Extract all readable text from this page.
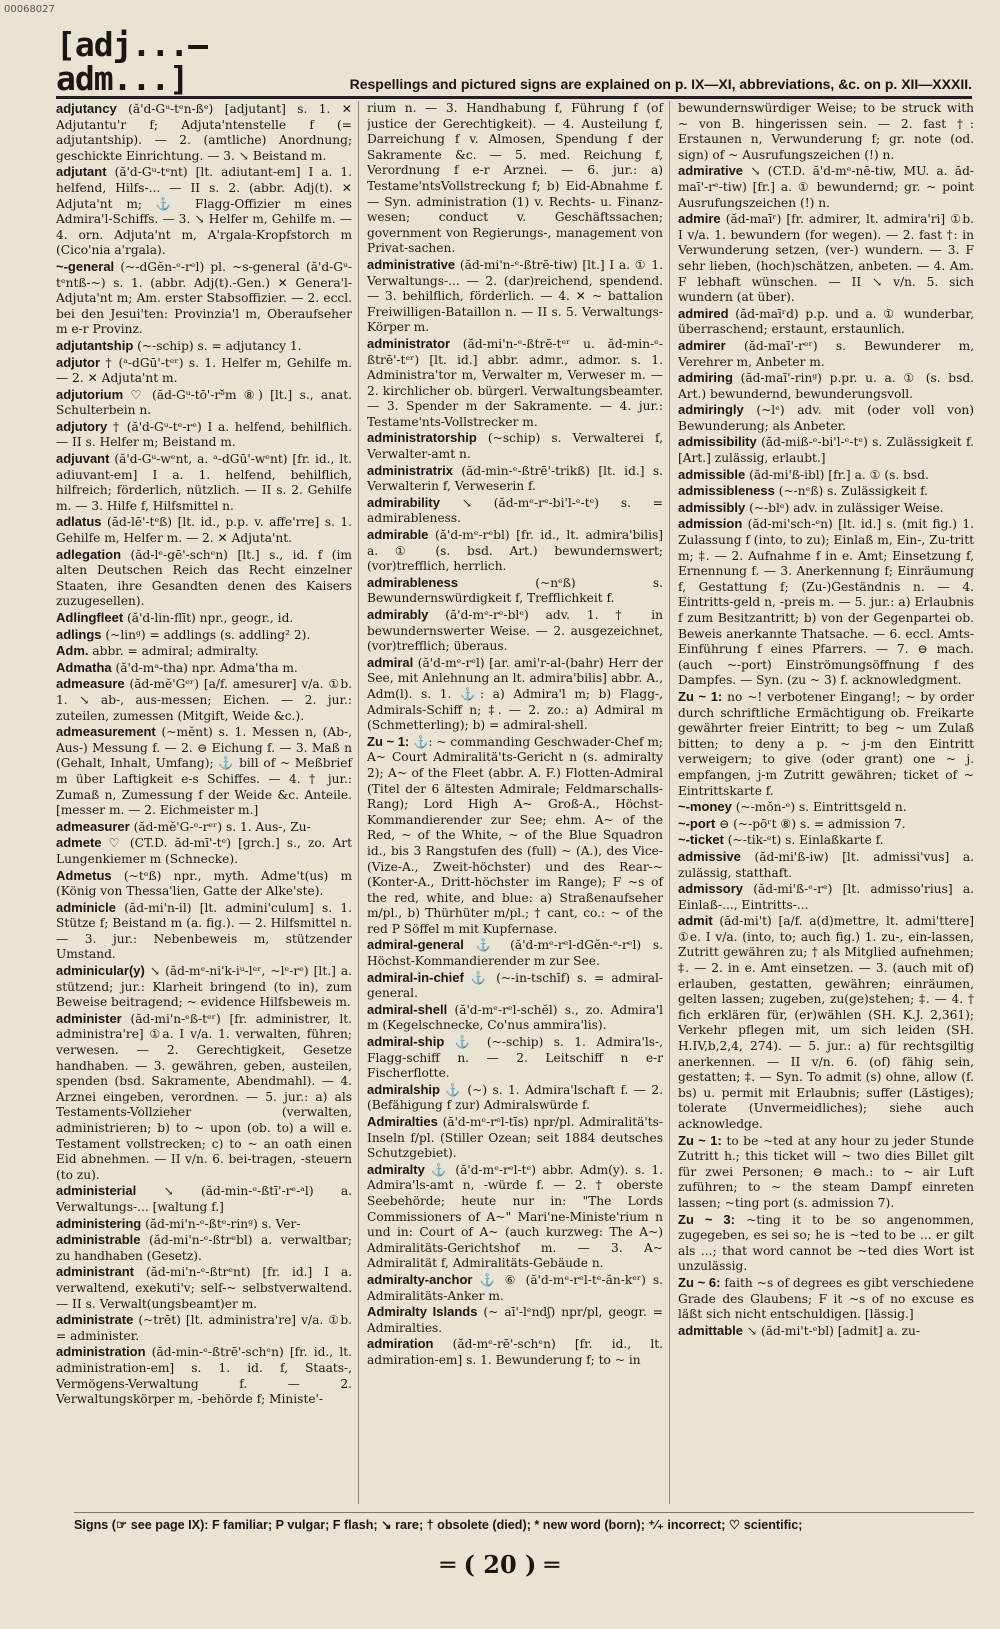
00068027
[adj...—adm...]	Respellings and pictured signs are explained on p. IX—XI, abbreviations, &c. on p. XII—XXXII.

adjutancy (ă'd-Gᵘ-tᵉn-ßᵉ) [adjutant] s. 1. ✕ Adjutantu'r f; Adjuta'ntenstelle f (= adjutantship). — 2. (amtliche) Anordnung; geschickte Einrichtung. — 3. ↘ Beistand m.

adjutant (ă'd-Gᵘ-tᵉnt) [lt. adiutant-em] I a. 1. helfend, Hilfs-... — II s. 2. (abbr. Adj(t). ✕ Adjuta'nt m; ⚓ Flagg-Offizier m eines Admira'l-Schiffs. — 3. ↘ Helfer m, Gehilfe m. — 4. orn. Adjuta'nt m, A'rgala-Kropfstorch m (Cico'nia a'rgala).

~-general (~-dGĕn-ᵉ-rᵉl) pl. ~s-general (ă'd-Gᵘ-tᵉntß-~) s. 1. (abbr. Adj(t).-Gen.) ✕ Genera'l-Adjuta'nt m; Am. erster Stabsoffizier. — 2. eccl. bei den Jesui'ten: Provinzia'l m, Oberaufseher m e-r Provinz.

adjutantship (~-schip) s. = adjutancy 1.

adjutor † (ᵃ-dGū'-tᵉʳ) s. 1. Helfer m, Gehilfe m. — 2. ✕ Adjuta'nt m.

adjutorium ♡ (ăd-Gᵘ-tō'-rᵊ̆m ⑧) [lt.] s., anat. Schulterbein n.

adjutory † (ă'd-Gᵘ-tᵉ-rᵉ) I a. helfend, behilflich. — II s. Helfer m; Beistand m.

adjuvant (ă'd-Gᵘ-wᵉnt, a. ᵃ-dGū'-wᵉnt) [fr. id., lt. adiuvant-em] I a. 1. helfend, behilflich, hilfreich; förderlich, nützlich. — II s. 2. Gehilfe m. — 3. Hilfe f, Hilfsmittel n.

adlatus (ăd-lē'-tᵉß) [lt. id., p.p. v. affe'rre] s. 1. Gehilfe m, Helfer m. — 2. ✕ Adjuta'nt.

adlegation (ăd-lᵉ-gē'-schᵉn) [lt.] s., id. f (im alten Deutschen Reich das Recht einzelner Staaten, ihre Gesandten denen des Kaisers zuzugesellen).

Adlingfleet (ă'd-lin-flīt) npr., geogr., id.

adlings (~linᵍ) = addlings (s. addling² 2).

Adm. abbr. = admiral; admiralty.

Admatha (ă'd-mᵃ-tha) npr. Adma'tha m.

admeasure (ăd-mĕ'Gᵉʳ) [a/f. amesurer] v/a. ①b. 1. ↘ ab-, aus-messen; Eichen. — 2. jur.: zuteilen, zumessen (Mitgift, Weide &c.).

admeasurement (~mĕnt) s. 1. Messen n, (Ab-, Aus-) Messung f. — 2. ⊖ Eichung f. — 3. Maß n (Gehalt, Inhalt, Umfang); ⚓ bill of ~ Meßbrief m über Laftigkeit e-s Schiffes. — 4. † jur.: Zumaß n, Zumessung f der Weide &c. Anteile. [messer m. — 2. Eichmeister m.]

admeasurer (ăd-mĕ'G-ᵉ-rᵉʳ) s. 1. Aus-, Zu-

admete ♡ (CT.D. ăd-mī'-tᵉ) [grch.] s., zo. Art Lungenkiemer m (Schnecke).

Admetus (~tᵉß) npr., myth. Adme't(us) m (König von Thessa'lien, Gatte der Alke'ste).

adminicle (ăd-mi'n-il) [lt. admini'culum] s. 1. Stütze f; Beistand m (a. fig.). — 2. Hilfsmittel n. — 3. jur.: Nebenbeweis m, stützender Umstand.

adminicular(y) ↘ (ăd-mᵉ-ni'k-iᵘ-lᵉʳ, ~lᵉ-rᵉ) [lt.] a. stützend; jur.: Klarheit bringend (to in), zum Beweise beitragend; ~ evidence Hilfsbeweis m.

administer (ăd-mi'n-ᵉß-tᵉʳ) [fr. administrer, lt. administra're] ①a. I v/a. 1. verwalten, führen; verwesen. — 2. Gerechtigkeit, Gesetze handhaben. — 3. gewähren, geben, austeilen, spenden (bsd. Sakramente, Abendmahl). — 4. Arznei eingeben, verordnen. — 5. jur.: a) als Testaments-Vollzieher (verwalten, administrieren; b) to ~ upon (ob. to) a will e. Testament vollstrecken; c) to ~ an oath einen Eid abnehmen. — II v/n. 6. bei-tragen, -steuern (to zu).

administerial ↘ (ăd-min-ᵉ-ßtī'-rᵉ-ᵃl) a. Verwaltungs-... [waltung f.]

administering (ăd-mi'n-ᵉ-ßtᵉ-rinᵍ) s. Ver-

administrable (ăd-mi'n-ᵉ-ßtrᵉbl) a. verwaltbar; zu handhaben (Gesetz).

administrant (ăd-mi'n-ᵉ-ßtrᵉnt) [fr. id.] I a. verwaltend, exekuti'v; self-~ selbstverwaltend. — II s. Verwalt(ungsbeamt)er m.

administrate (~trēt) [lt. administra're] v/a. ①b. = administer.

administration (ăd-min-ᵉ-ßtrē'-schᵉn) [fr. id., lt. administration-em] s. 1. id. f, Staats-, Vermögens-Verwaltung f. — 2. Verwaltungskörper m, -behörde f; Ministe'-

rium n. — 3. Handhabung f, Führung f (of justice der Gerechtigkeit). — 4. Austeilung f, Darreichung f v. Almosen, Spendung f der Sakramente &c. — 5. med. Reichung f, Verordnung f e-r Arznei. — 6. jur.: a) Testame'ntsVollstreckung f; b) Eid-Abnahme f. — Syn. administration (1) v. Rechts- u. Finanz-wesen; conduct v. Geschäftssachen; government von Regierungs-, management von Privat-sachen.

administrative (ăd-mi'n-ᵉ-ßtrē-tiw) [lt.] I a. ① 1. Verwaltungs-... — 2. (dar)reichend, spendend. — 3. behilflich, förderlich. — 4. ✕ ~ battalion Freiwilligen-Bataillon n. — II s. 5. Verwaltungs-Körper m.

administrator (ăd-mi'n-ᵉ-ßtrē-tᵉʳ u. ăd-min-ᵉ-ßtrē'-tᵉʳ) [lt. id.] abbr. admr., admor. s. 1. Administra'tor m, Verwalter m, Verweser m. — 2. kirchlicher ob. bürgerl. Verwaltungsbeamter. — 3. Spender m der Sakramente. — 4. jur.: Testame'nts-Vollstrecker m.

administratorship (~schip) s. Verwalterei f, Verwalter-amt n.

administratrix (ăd-min-ᵉ-ßtrē'-trikß) [lt. id.] s. Verwalterin f, Verweserin f.

admirability ↘ (ăd-mᵉ-rᵉ-bi'l-ᵉ-tᵉ) s. = admirableness.

admirable (ă'd-mᵉ-rᵉbl) [fr. id., lt. admira'bilis] a. ① (s. bsd. Art.) bewundernswert; (vor)trefflich, herrlich.

admirableness	(~nᵉß) s. Bewundernswürdigkeit f, Trefflichkeit f.

admirably (ă'd-mᵉ-rᵉ-blᵉ) adv. 1. † in bewundernswerter Weise. — 2. ausgezeichnet, (vor)trefflich; überaus.

admiral (ă'd-mᵉ-rᵉl) [ar. ami'r-al-(bahr) Herr der See, mit Anlehnung an lt. admira'bilis] abbr. A., Adm(l). s. 1. ⚓: a) Admira'l m; b) Flagg-, Admirals-Schiff n; ‡. — 2. zo.: a) Admiral m (Schmetterling); b) = admiral-shell.

Zu ~ 1: ⚓: ~ commanding Geschwader-Chef m; A~ Court Admiralitä'ts-Gericht n (s. admiralty 2); A~ of the Fleet (abbr. A. F.) Flotten-Admiral (Titel der 6 ältesten Admirale; Feldmarschalls-Rang); Lord High A~ Groß-A., Höchst-Kommandierender zur See; ehm. A~ of the Red, ~ of the White, ~ of the Blue Squadron id., bis 3 Rangstufen des (full) ~ (A.), des Vice-(Vize-A., Zweit-höchster) und des Rear-~ (Konter-A., Dritt-höchster im Range); F ~s of the red, white, and blue: a) Straßenaufseher m/pl., b) Thürhüter m/pl.; † cant, co.: ~ of the red P Söffel m mit Kupfernase.

admiral-general ⚓ (ă'd-mᵉ-rᵉl-dGĕn-ᵉ-rᵉl) s. Höchst-Kommandierender m zur See.

admiral-in-chief ⚓ (~-in-tschīf) s. = admiral-general.

admiral-shell (ă'd-mᵉ-rᵉl-schĕl) s., zo. Admira'l m (Kegelschnecke, Co'nus ammira'lis).

admiral-ship ⚓ (~-schip) s. 1. Admira'ls-, Flagg-schiff n. — 2. Leitschiff n e-r Fischerflotte.

admiralship ⚓ (~) s. 1. Admira'lschaft f. — 2. (Befähigung f zur) Admiralswürde f.

Admiralties (ă'd-mᵉ-rᵉl-tīs) npr/pl. Admiralitä'ts-Inseln f/pl. (Stiller Ozean; seit 1884 deutsches Schutzgebiet).

admiralty ⚓ (ă'd-mᵉ-rᵉl-tᵉ) abbr. Adm(y). s. 1. Admira'ls-amt n, -würde f. — 2. † oberste Seebehörde; heute nur in: "The Lords Commissioners of A~" Mari'ne-Ministe'rium n und in: Court of A~ (auch kurzweg: The A~) Admiralitäts-Gerichtshof m. — 3. A~ Admiralität f, Admiralitäts-Gebäude n.

admiralty-anchor ⚓ ⑥ (ă'd-mᵉ-rᵉl-tᵉ-ăn-kᵉʳ) s. Admiralitäts-Anker m.

Admiralty Islands (~ aī'-lᵉndʃ) npr/pl, geogr. = Admiralties.

admiration (ăd-mᵉ-rē'-schᵉn) [fr. id., lt. admiration-em] s. 1. Bewunderung f; to ~ in

bewundernswürdiger Weise; to be struck with ~ von B. hingerissen sein. — 2. fast †: Erstaunen n, Verwunderung f; gr. note (od. sign) of ~ Ausrufungszeichen (!) n.

admirative ↘ (CT.D. ă'd-mᵉ-nē-tiw, MU. a. ăd-maī'-rᵉ-tiw) [fr.] a. ① bewundernd; gr. ~ point Ausrufungszeichen (!) n.

admire (ăd-maīʳ) [fr. admirer, lt. admira'ri] ①b. I v/a. 1. bewundern (for wegen). — 2. fast †: in Verwunderung setzen, (ver-) wundern. — 3. F sehr lieben, (hoch)schätzen, anbeten. — 4. Am. F lebhaft wünschen. — II ↘ v/n. 5. sich wundern (at über).

admired (ăd-maīʳd) p.p. und a. ① wunderbar, überraschend; erstaunt, erstaunlich.

admirer (ăd-maī'-rᵉʳ) s. Bewunderer m, Verehrer m, Anbeter m.

admiring (ăd-maī'-rinᵍ) p.pr. u. a. ① (s. bsd. Art.) bewundernd, bewunderungsvoll.

admiringly (~lᵉ) adv. mit (oder voll von) Bewunderung; als Anbeter.

admissibility (ăd-miß-ᵉ-bi'l-ᵉ-tᵉ) s. Zulässigkeit f. [Art.] zulässig, erlaubt.]

admissible (ăd-mi'ß-ibl) [fr.] a. ① (s. bsd.

admissibleness (~-nᵉß) s. Zulässigkeit f.

admissibly (~-blᵉ) adv. in zulässiger Weise.

admission (ăd-mi'sch-ᵉn) [lt. id.] s. (mit fig.) 1. Zulassung f (into, to zu); Einlaß m, Ein-, Zu-tritt m; ‡. — 2. Aufnahme f in e. Amt; Einsetzung f, Ernennung f. — 3. Anerkennung f; Einräumung f, Gestattung f; (Zu-)Geständnis n. — 4. Eintritts-geld n, -preis m. — 5. jur.: a) Erlaubnis f zum Besitzantritt; b) von der Gegenpartei ob. Beweis anerkannte Thatsache. — 6. eccl. Amts-Einführung f eines Pfarrers. — 7. ⊖ mach. (auch ~-port) Einströmungsöffnung f des Dampfes. — Syn. (zu ~ 3) f. acknowledgment.

Zu ~ 1: no ~! verbotener Eingang!; ~ by order durch schriftliche Ermächtigung ob. Freikarte gewährter freier Eintritt; to beg ~ um Zulaß bitten; to deny a p. ~ j-m den Eintritt verweigern; to give (oder grant) one ~ j. empfangen, j-m Zutritt gewähren; ticket of ~ Eintrittskarte f.

~-money (~-mŏn-ᵉ) s. Eintrittsgeld n.

~-port ⊖ (~-pōʳt ⑧) s. = admission 7.

~-ticket (~-tik-ᵉt) s. Einlaßkarte f.

admissive (ăd-mi'ß-iw) [lt. admissi'vus] a. zulässig, statthaft.

admissory (ăd-mi'ß-ᵉ-rᵉ) [lt. admisso'rius] a. Einlaß-..., Eintritts-...

admit (ăd-mi't) [a/f. a(d)mettre, lt. admi'ttere] ①e. I v/a. (into, to; auch fig.) 1. zu-, ein-lassen, Zutritt gewähren zu; † als Mitglied aufnehmen; ‡. — 2. in e. Amt einsetzen. — 3. (auch mit of) erlauben, gestatten, gewähren; einräumen, gelten lassen; zugeben, zu(ge)stehen; ‡. — 4. † fich erklären für, (er)wählen (SH. K.J. 2,361); Verkehr pflegen mit, um sich leiden (SH. H.IV,b,2,4, 274). — 5. jur.: a) für rechtsgiltig anerkennen. — II v/n. 6. (of) fähig sein, gestatten; ‡. — Syn. To admit (s) ohne, allow (f. bs) u. permit mit Erlaubnis; suffer (Lästiges); tolerate (Unvermeidliches); siehe auch acknowledge.

Zu ~ 1: to be ~ted at any hour zu jeder Stunde Zutritt h.; this ticket will ~ two dies Billet gilt für zwei Personen; ⊖ mach.: to ~ air Luft zuführen; to ~ the steam Dampf einreten lassen; ~ting port (s. admission 7).

Zu ~ 3: ~ting it to be so angenommen, zugegeben, es sei so; he is ~ted to be ... er gilt als ...; that word cannot be ~ted dies Wort ist unzulässig.

Zu ~ 6: faith ~s of degrees es gibt verschiedene Grade des Glaubens; F it ~s of no excuse es läßt sich nicht entschuldigen. [lässig.]

admittable ↘ (ăd-mi't-ᵉbl) [admit] a. zu-

Signs (☞ see page IX): F familiar; P vulgar; F flash; ↘ rare; † obsolete (died); * new word (born); ⁺⁄₊ incorrect; ♡ scientific;
═ ( 20 ) ═
